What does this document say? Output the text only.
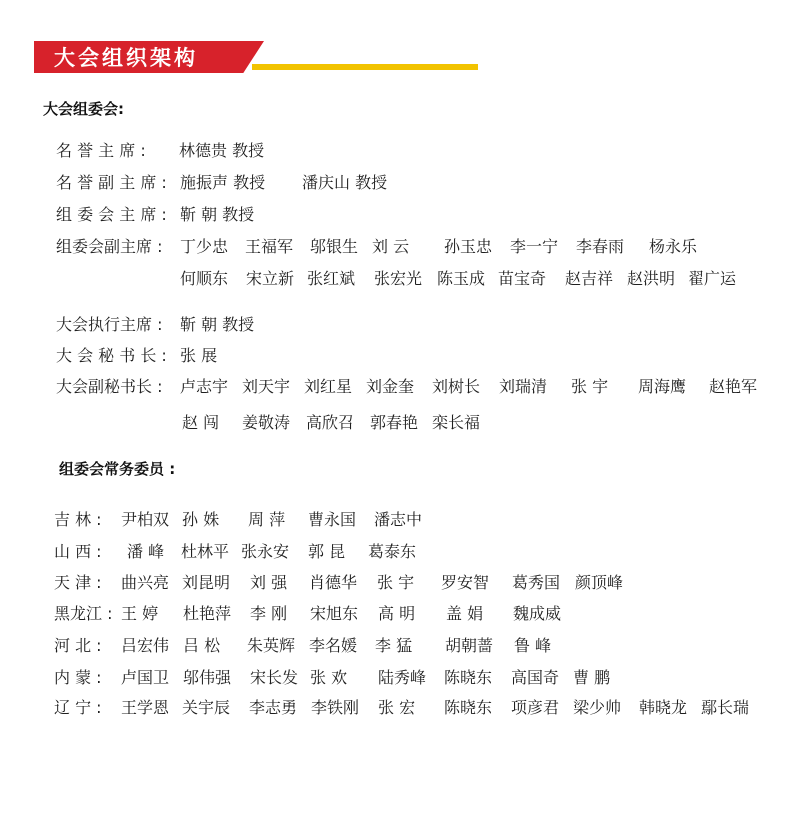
大会组织架构
大会组委会:
组委会常务委员 :
名 誉 主 席 : 林德贵 教授
名 誉 副 主 席 : 施振声 教授 潘庆山 教授
组 委 会 主 席 : 靳 朝 教授
组委会副主席 : 丁少忠 王福军 邬银生 刘 云 孙玉忠 李一宁 李春雨 杨永乐
何顺东 宋立新 张红斌 张宏光 陈玉成 苗宝奇 赵吉祥 赵洪明 翟广运
大会执行主席 : 靳 朝 教授
大 会 秘 书 长 : 张 展
大会副秘书长 : 卢志宇 刘天宇 刘红星 刘金奎 刘树长 刘瑞清 张 宇 周海鹰 赵艳军
赵 闯 姜敬涛 高欣召 郭春艳 栾长福
吉 林 : 尹柏双 孙 姝 周 萍 曹永国 潘志中
山 西 : 潘 峰 杜林平 张永安 郭 昆 葛泰东
天 津 : 曲兴亮 刘昆明 刘 强 肖德华 张 宇 罗安智 葛秀国 颜顶峰
黑龙江 : 王 婷 杜艳萍 李 刚 宋旭东 高 明 盖 娟 魏成威
河 北 : 吕宏伟 吕 松 朱英辉 李名媛 李 猛 胡朝蔷 鲁 峰
内 蒙 : 卢国卫 邬伟强 宋长发 张 欢 陆秀峰 陈晓东 高国奇 曹 鹏
辽 宁 : 王学恩 关宇辰 李志勇 李铁刚 张 宏 陈晓东 项彦君 梁少帅 韩晓龙 鄢长瑞
